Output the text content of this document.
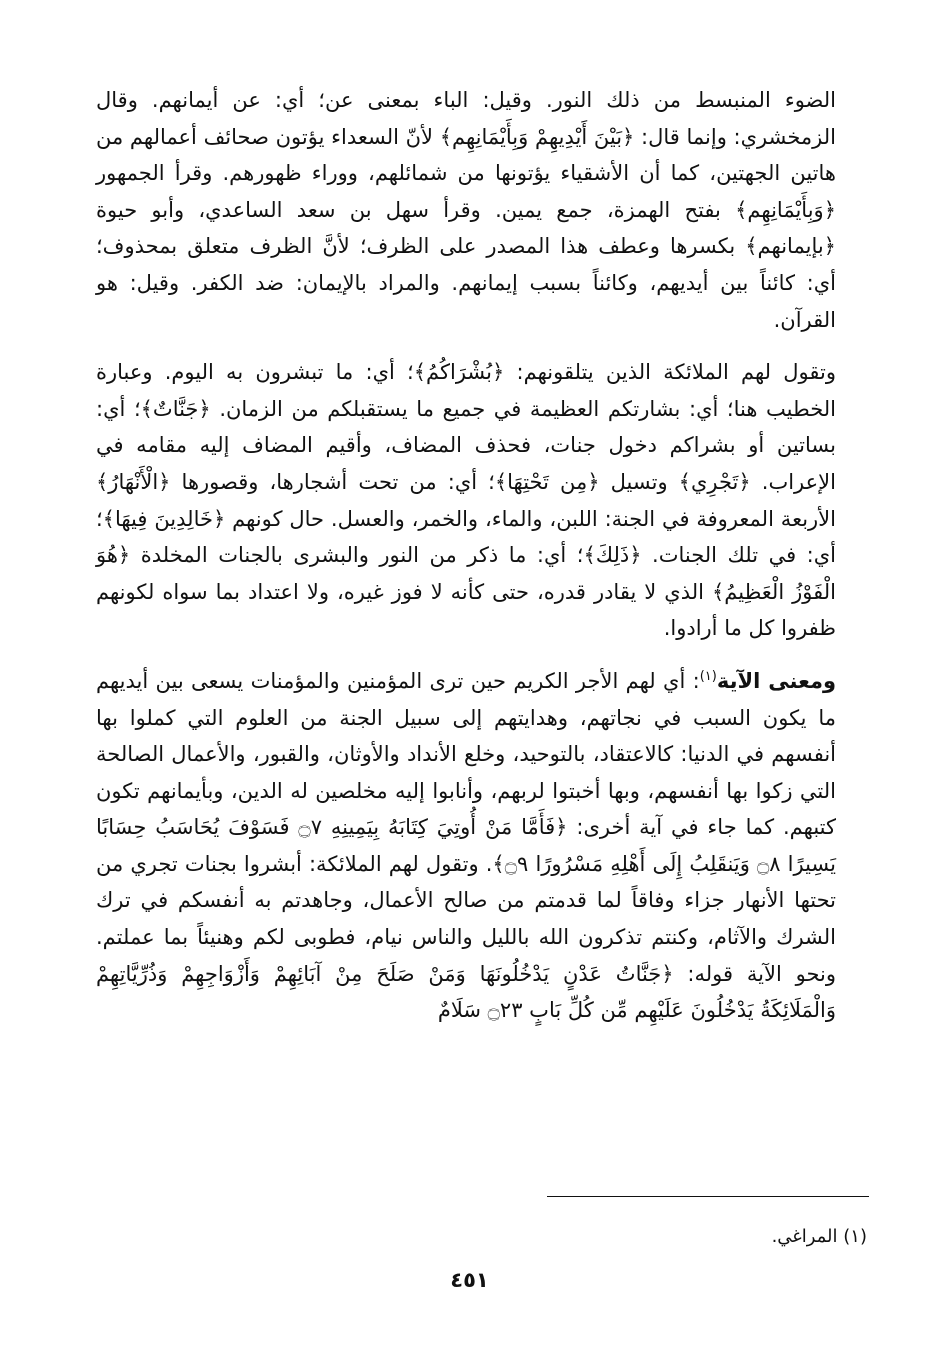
الضوء المنبسط من ذلك النور. وقيل: الباء بمعنى عن؛ أي: عن أيمانهم. وقال الزمخشري: وإنما قال: ﴿بَيْنَ أَيْدِيهِمْ وَبِأَيْمَانِهِم﴾ لأنّ السعداء يؤتون صحائف أعمالهم من هاتين الجهتين، كما أن الأشقياء يؤتونها من شمائلهم، ووراء ظهورهم. وقرأ الجمهور ﴿وَبِأَيْمَانِهِم﴾ بفتح الهمزة، جمع يمين. وقرأ سهل بن سعد الساعدي، وأبو حيوة ﴿بإيمانهم﴾ بكسرها وعطف هذا المصدر على الظرف؛ لأنَّ الظرف متعلق بمحذوف؛ أي: كائناً بين أيديهم، وكائناً بسبب إيمانهم. والمراد بالإيمان: ضد الكفر. وقيل: هو القرآن.

وتقول لهم الملائكة الذين يتلقونهم: ﴿بُشْرَاكُمُ﴾؛ أي: ما تبشرون به اليوم. وعبارة الخطيب هنا؛ أي: بشارتكم العظيمة في جميع ما يستقبلكم من الزمان. ﴿جَنَّاتٌ﴾؛ أي: بساتين أو بشراكم دخول جنات، فحذف المضاف، وأقيم المضاف إليه مقامه في الإعراب. ﴿تَجْرِي﴾ وتسيل ﴿مِن تَحْتِهَا﴾؛ أي: من تحت أشجارها، وقصورها ﴿الْأَنْهَارُ﴾ الأربعة المعروفة في الجنة: اللبن، والماء، والخمر، والعسل. حال كونهم ﴿خَالِدِينَ فِيهَا﴾؛ أي: في تلك الجنات. ﴿ذَلِكَ﴾؛ أي: ما ذكر من النور والبشرى بالجنات المخلدة ﴿هُوَ الْفَوْزُ الْعَظِيمُ﴾ الذي لا يقادر قدره، حتى كأنه لا فوز غيره، ولا اعتداد بما سواه لكونهم ظفروا كل ما أرادوا.

ومعنى الآية$^{(١)}$: أي لهم الأجر الكريم حين ترى المؤمنين والمؤمنات يسعى بين أيديهم ما يكون السبب في نجاتهم، وهدايتهم إلى سبيل الجنة من العلوم التي كملوا بها أنفسهم في الدنيا: كالاعتقاد، بالتوحيد، وخلع الأنداد والأوثان، والقبور، والأعمال الصالحة التي زكوا بها أنفسهم، وبها أخبتوا لربهم، وأنابوا إليه مخلصين له الدين، وبأيمانهم تكون كتبهم. كما جاء في آية أخرى: ﴿فَأَمَّا مَنْ أُوتِيَ كِتَابَهُ بِيَمِينِهِ ۝٧ فَسَوْفَ يُحَاسَبُ حِسَابًا يَسِيرًا ۝٨ وَيَنقَلِبُ إِلَى أَهْلِهِ مَسْرُورًا ۝٩﴾. وتقول لهم الملائكة: أبشروا بجنات تجري من تحتها الأنهار جزاء وفاقاً لما قدمتم من صالح الأعمال، وجاهدتم به أنفسكم في ترك الشرك والآثام، وكنتم تذكرون الله بالليل والناس نيام، فطوبى لكم وهنيئاً بما عملتم. ونحو الآية قوله: ﴿جَنَّاتُ عَدْنٍ يَدْخُلُونَهَا وَمَنْ صَلَحَ مِنْ آبَائِهِمْ وَأَزْوَاجِهِمْ وَذُرِّيَّاتِهِمْ وَالْمَلَائِكَةُ يَدْخُلُونَ عَلَيْهِم مِّن كُلِّ بَابٍ ۝٢٣ سَلَامٌ

(١) المراغي.
٤٥١
